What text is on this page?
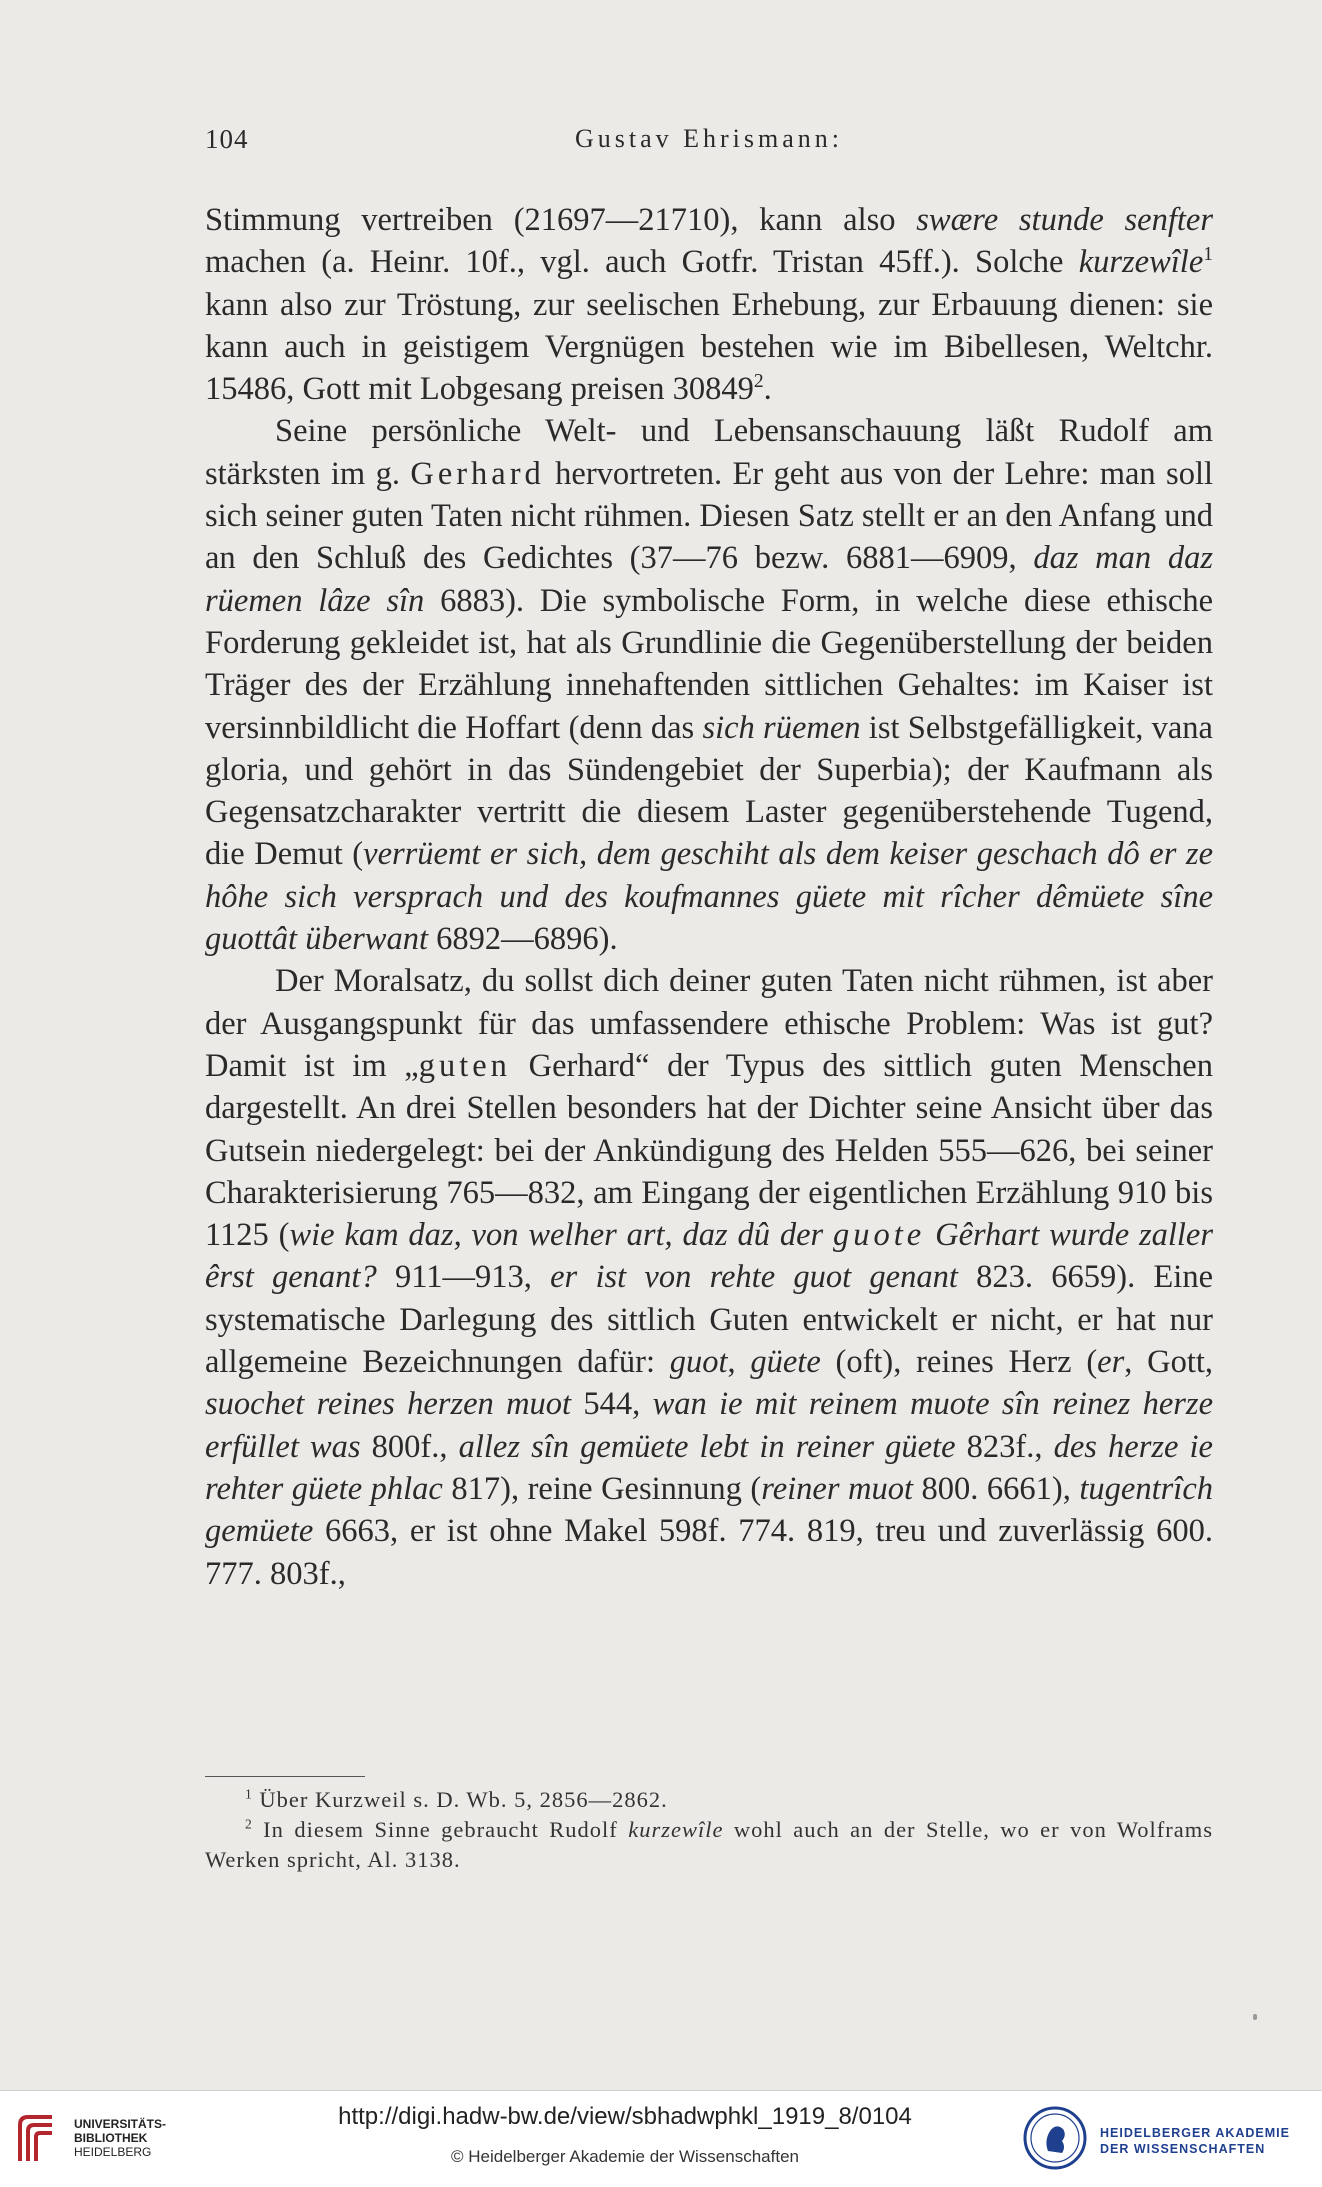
104	Gustav Ehrismann:

Stimmung vertreiben (21697—21710), kann also swære stunde senfter machen (a. Heinr. 10f., vgl. auch Gotfr. Tristan 45ff.). Solche kurzewîle$^1$ kann also zur Tröstung, zur seelischen Erhebung, zur Erbauung dienen: sie kann auch in geistigem Vergnügen bestehen wie im Bibellesen, Weltchr. 15486, Gott mit Lobgesang preisen 30849$^2$.

Seine persönliche Welt- und Lebensanschauung läßt Rudolf am stärksten im g. Gerhard hervortreten. Er geht aus von der Lehre: man soll sich seiner guten Taten nicht rühmen. Diesen Satz stellt er an den Anfang und an den Schluß des Gedichtes (37—76 bezw. 6881—6909, daz man daz rüemen lâze sîn 6883). Die symbolische Form, in welche diese ethische Forderung gekleidet ist, hat als Grundlinie die Gegenüberstellung der beiden Träger des der Erzählung innehaftenden sittlichen Gehaltes: im Kaiser ist versinnbildlicht die Hoffart (denn das sich rüemen ist Selbstgefälligkeit, vana gloria, und gehört in das Sündengebiet der Superbia); der Kaufmann als Gegensatzcharakter vertritt die diesem Laster gegenüberstehende Tugend, die Demut (verrüemt er sich, dem geschiht als dem keiser geschach dô er ze hôhe sich versprach und des koufmannes güete mit rîcher dêmüete sîne guottât überwant 6892—6896).

Der Moralsatz, du sollst dich deiner guten Taten nicht rühmen, ist aber der Ausgangspunkt für das umfassendere ethische Problem: Was ist gut? Damit ist im „guten Gerhard“ der Typus des sittlich guten Menschen dargestellt. An drei Stellen besonders hat der Dichter seine Ansicht über das Gutsein niedergelegt: bei der Ankündigung des Helden 555—626, bei seiner Charakterisierung 765—832, am Eingang der eigentlichen Erzählung 910 bis 1125 (wie kam daz, von welher art, daz dû der guote Gêrhart wurde zaller êrst genant? 911—913, er ist von rehte guot genant 823. 6659). Eine systematische Darlegung des sittlich Guten entwickelt er nicht, er hat nur allgemeine Bezeichnungen dafür: guot, güete (oft), reines Herz (er, Gott, suochet reines herzen muot 544, wan ie mit reinem muote sîn reinez herze erfüllet was 800f., allez sîn gemüete lebt in reiner güete 823f., des herze ie rehter güete phlac 817), reine Gesinnung (reiner muot 800. 6661), tugentrîch gemüete 6663, er ist ohne Makel 598f. 774. 819, treu und zuverlässig 600. 777. 803f.,

$^1$ Über Kurzweil s. D. Wb. 5, 2856—2862.

$^2$ In diesem Sinne gebraucht Rudolf kurzewîle wohl auch an der Stelle, wo er von Wolframs Werken spricht, Al. 3138.

UNIVERSITÄTS-
BIBLIOTHEK
HEIDELBERG
http://digi.hadw-bw.de/view/sbhadwphkl_1919_8/0104
© Heidelberger Akademie der Wissenschaften
HEIDELBERGER AKADEMIE
DER WISSENSCHAFTEN
